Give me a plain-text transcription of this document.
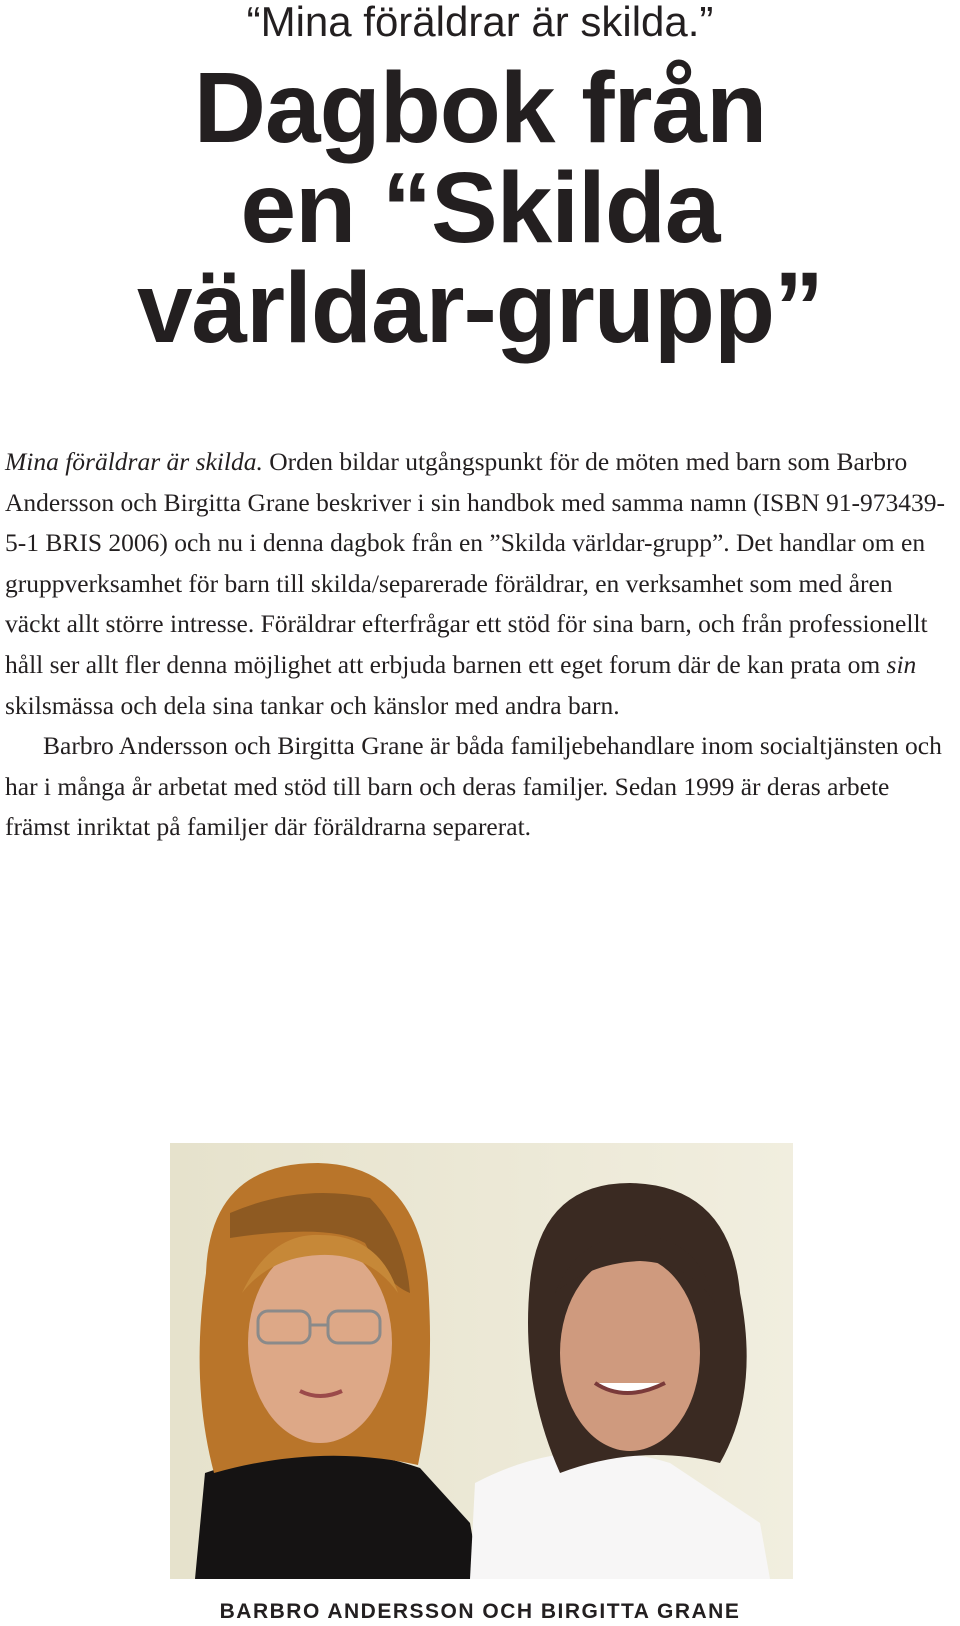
“Mina föräldrar är skilda.”
Dagbok från
en “Skilda
världar-grupp”

Mina föräldrar är skilda. Orden bildar utgångspunkt för de möten med barn som Barbro Andersson och Birgitta Grane beskriver i sin handbok med samma namn (ISBN 91-973439-5-1 BRIS 2006) och nu i denna dagbok från en ”Skilda världar-grupp”. Det handlar om en gruppverksamhet för barn till skilda/separerade föräldrar, en verksamhet som med åren väckt allt större intresse. Föräldrar efterfrågar ett stöd för sina barn, och från professionellt håll ser allt fler denna möjlighet att erbjuda barnen ett eget forum där de kan prata om sin skilsmässa och dela sina tankar och känslor med andra barn.

Barbro Andersson och Birgitta Grane är båda familjebehandlare inom socialtjänsten och har i många år arbetat med stöd till barn och deras familjer. Sedan 1999 är deras arbete främst inriktat på familjer där föräldrarna separerat.

BARBRO ANDERSSON OCH BIRGITTA GRANE
